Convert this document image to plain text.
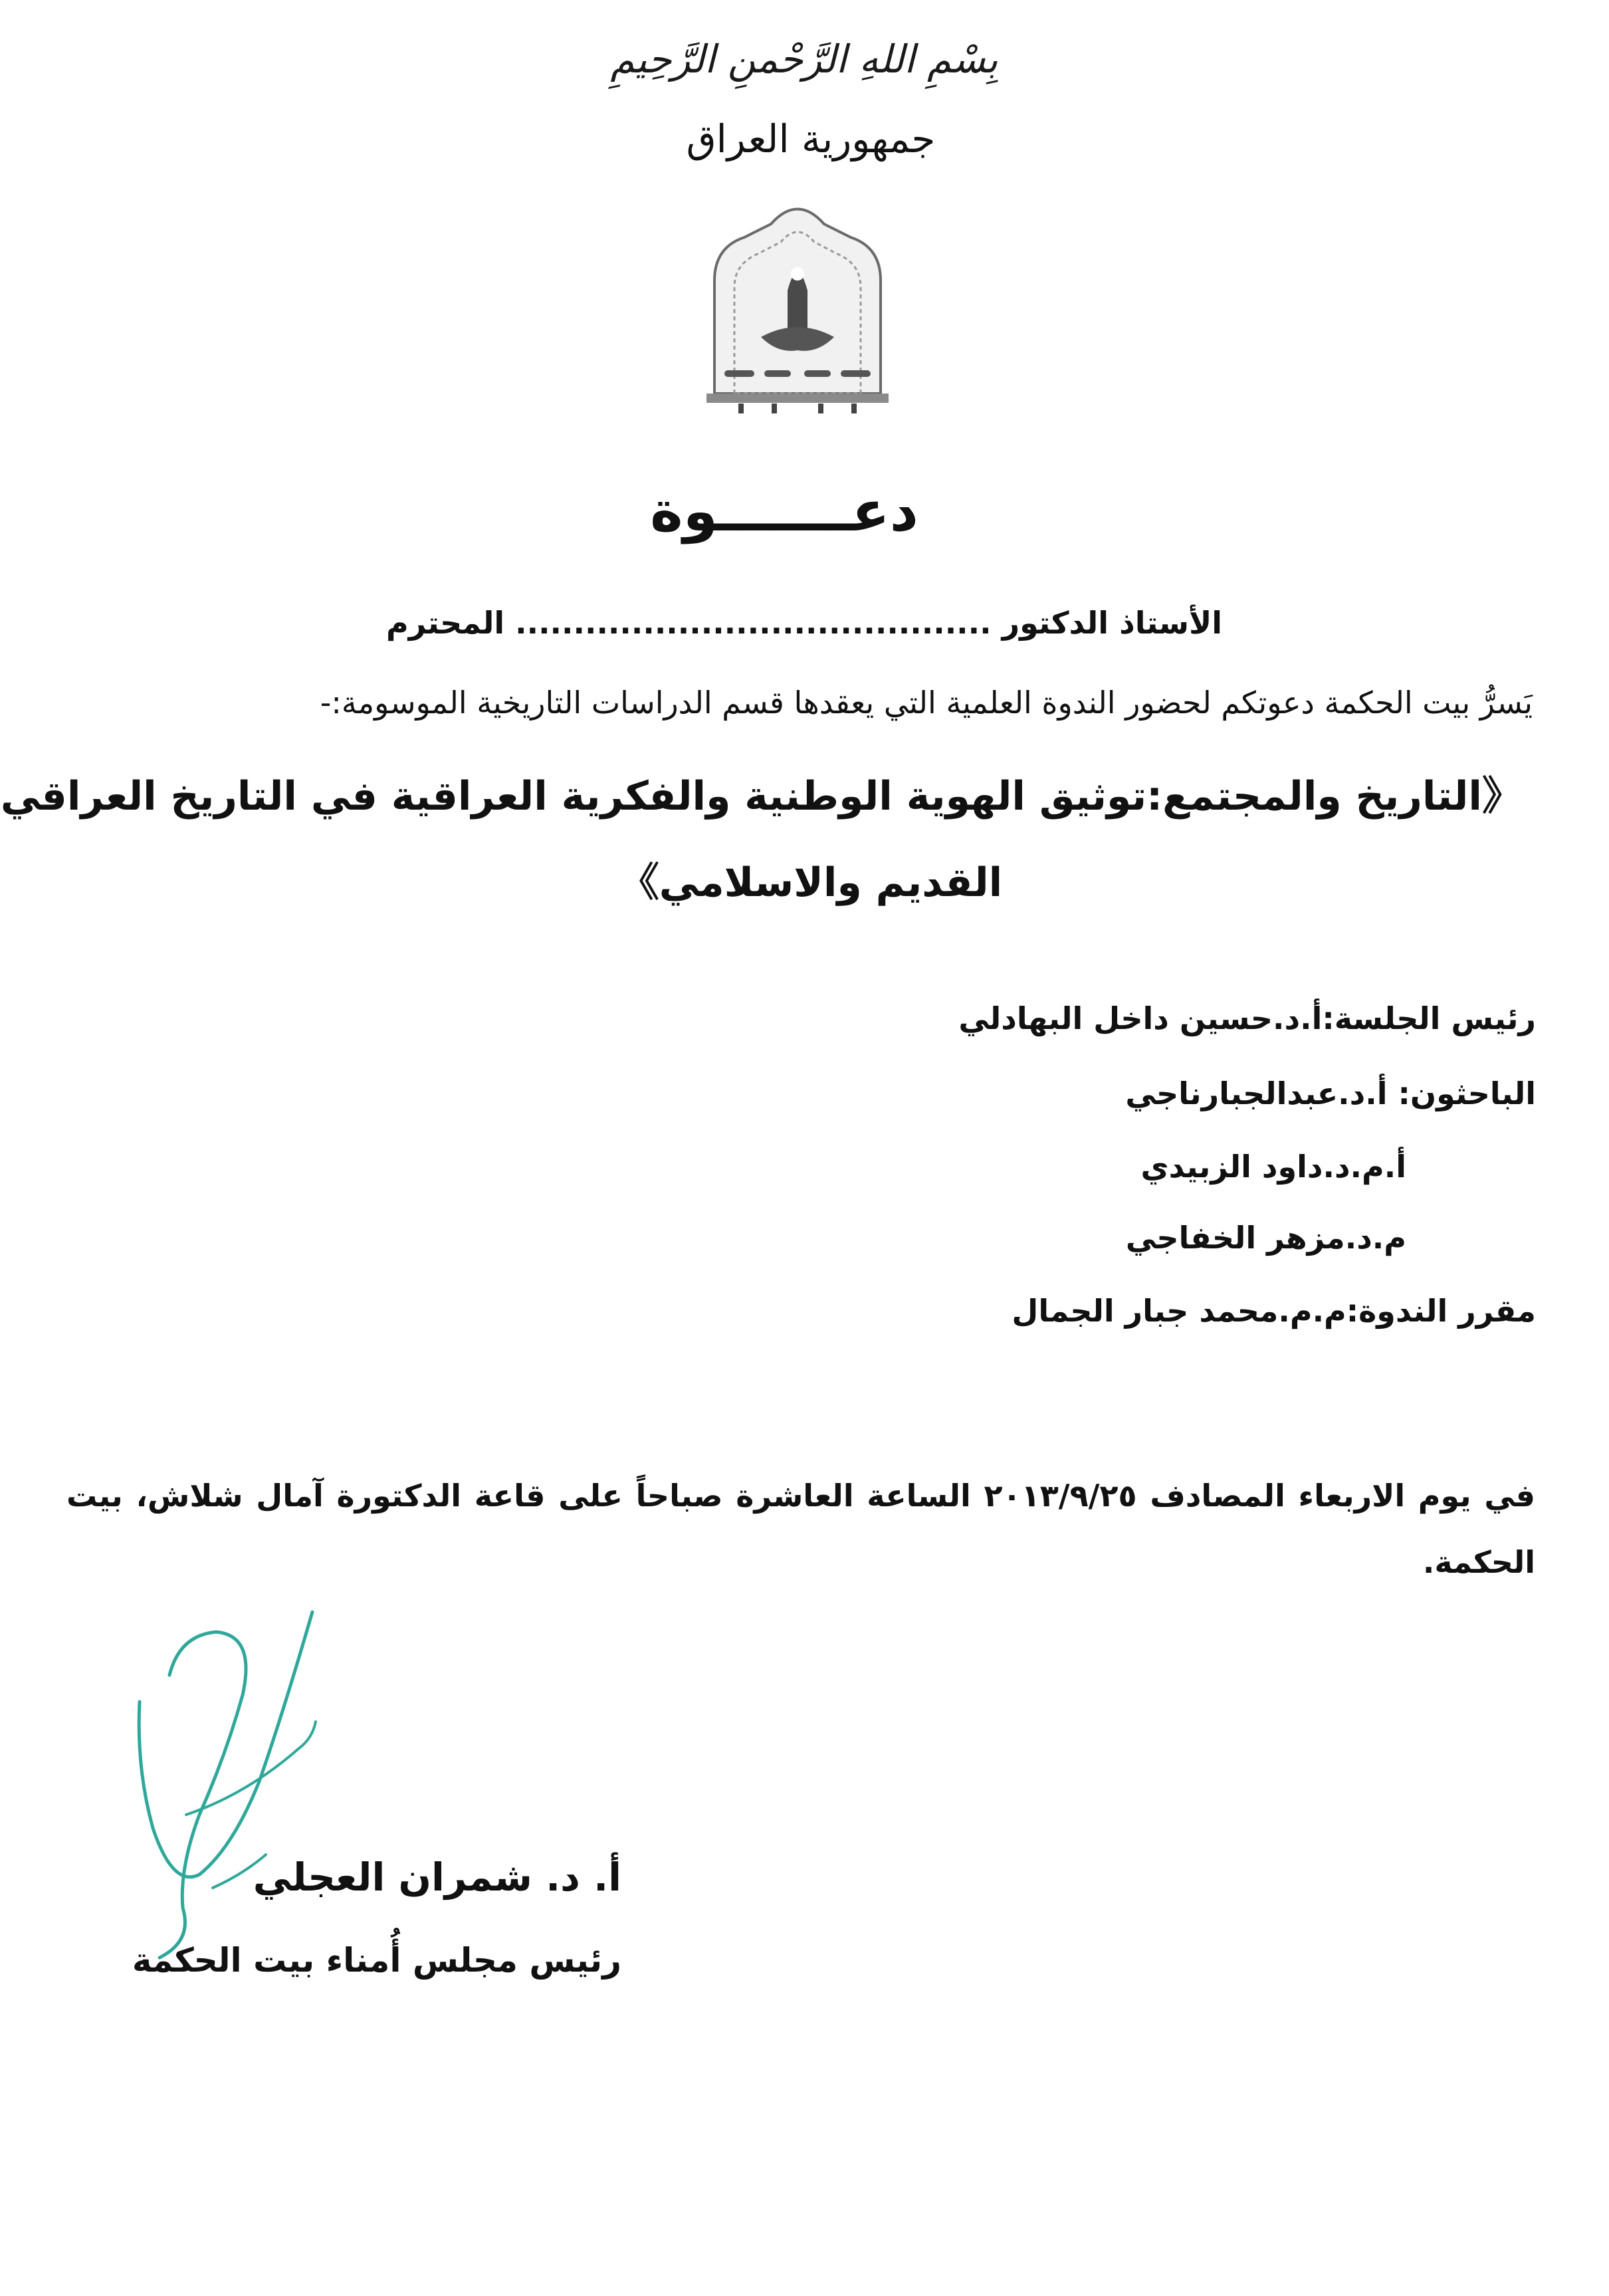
بِسْمِ اللهِ الرَّحْمنِ الرَّحِيمِ
جمهورية العراق
دعـــــــوة
الأستاذ الدكتور ......................................... المحترم
يَسرُّ بيت الحكمة دعوتكم لحضور الندوة العلمية التي يعقدها قسم الدراسات التاريخية الموسومة:-
《التاريخ والمجتمع:توثيق الهوية الوطنية والفكرية العراقية في التاريخ العراقي
القديم والاسلامي》
رئيس الجلسة:أ.د.حسين داخل البهادلي
الباحثون: أ.د.عبدالجبارناجي
أ.م.د.داود الزبيدي
م.د.مزهر الخفاجي
مقرر الندوة:م.م.محمد جبار الجمال
في يوم الاربعاء المصادف ٢٠١٣/٩/٢٥ الساعة العاشرة صباحاً على قاعة الدكتورة آمال شلاش، بيت الحكمة.
أ. د. شمران العجلي
رئيس مجلس أُمناء بيت الحكمة
